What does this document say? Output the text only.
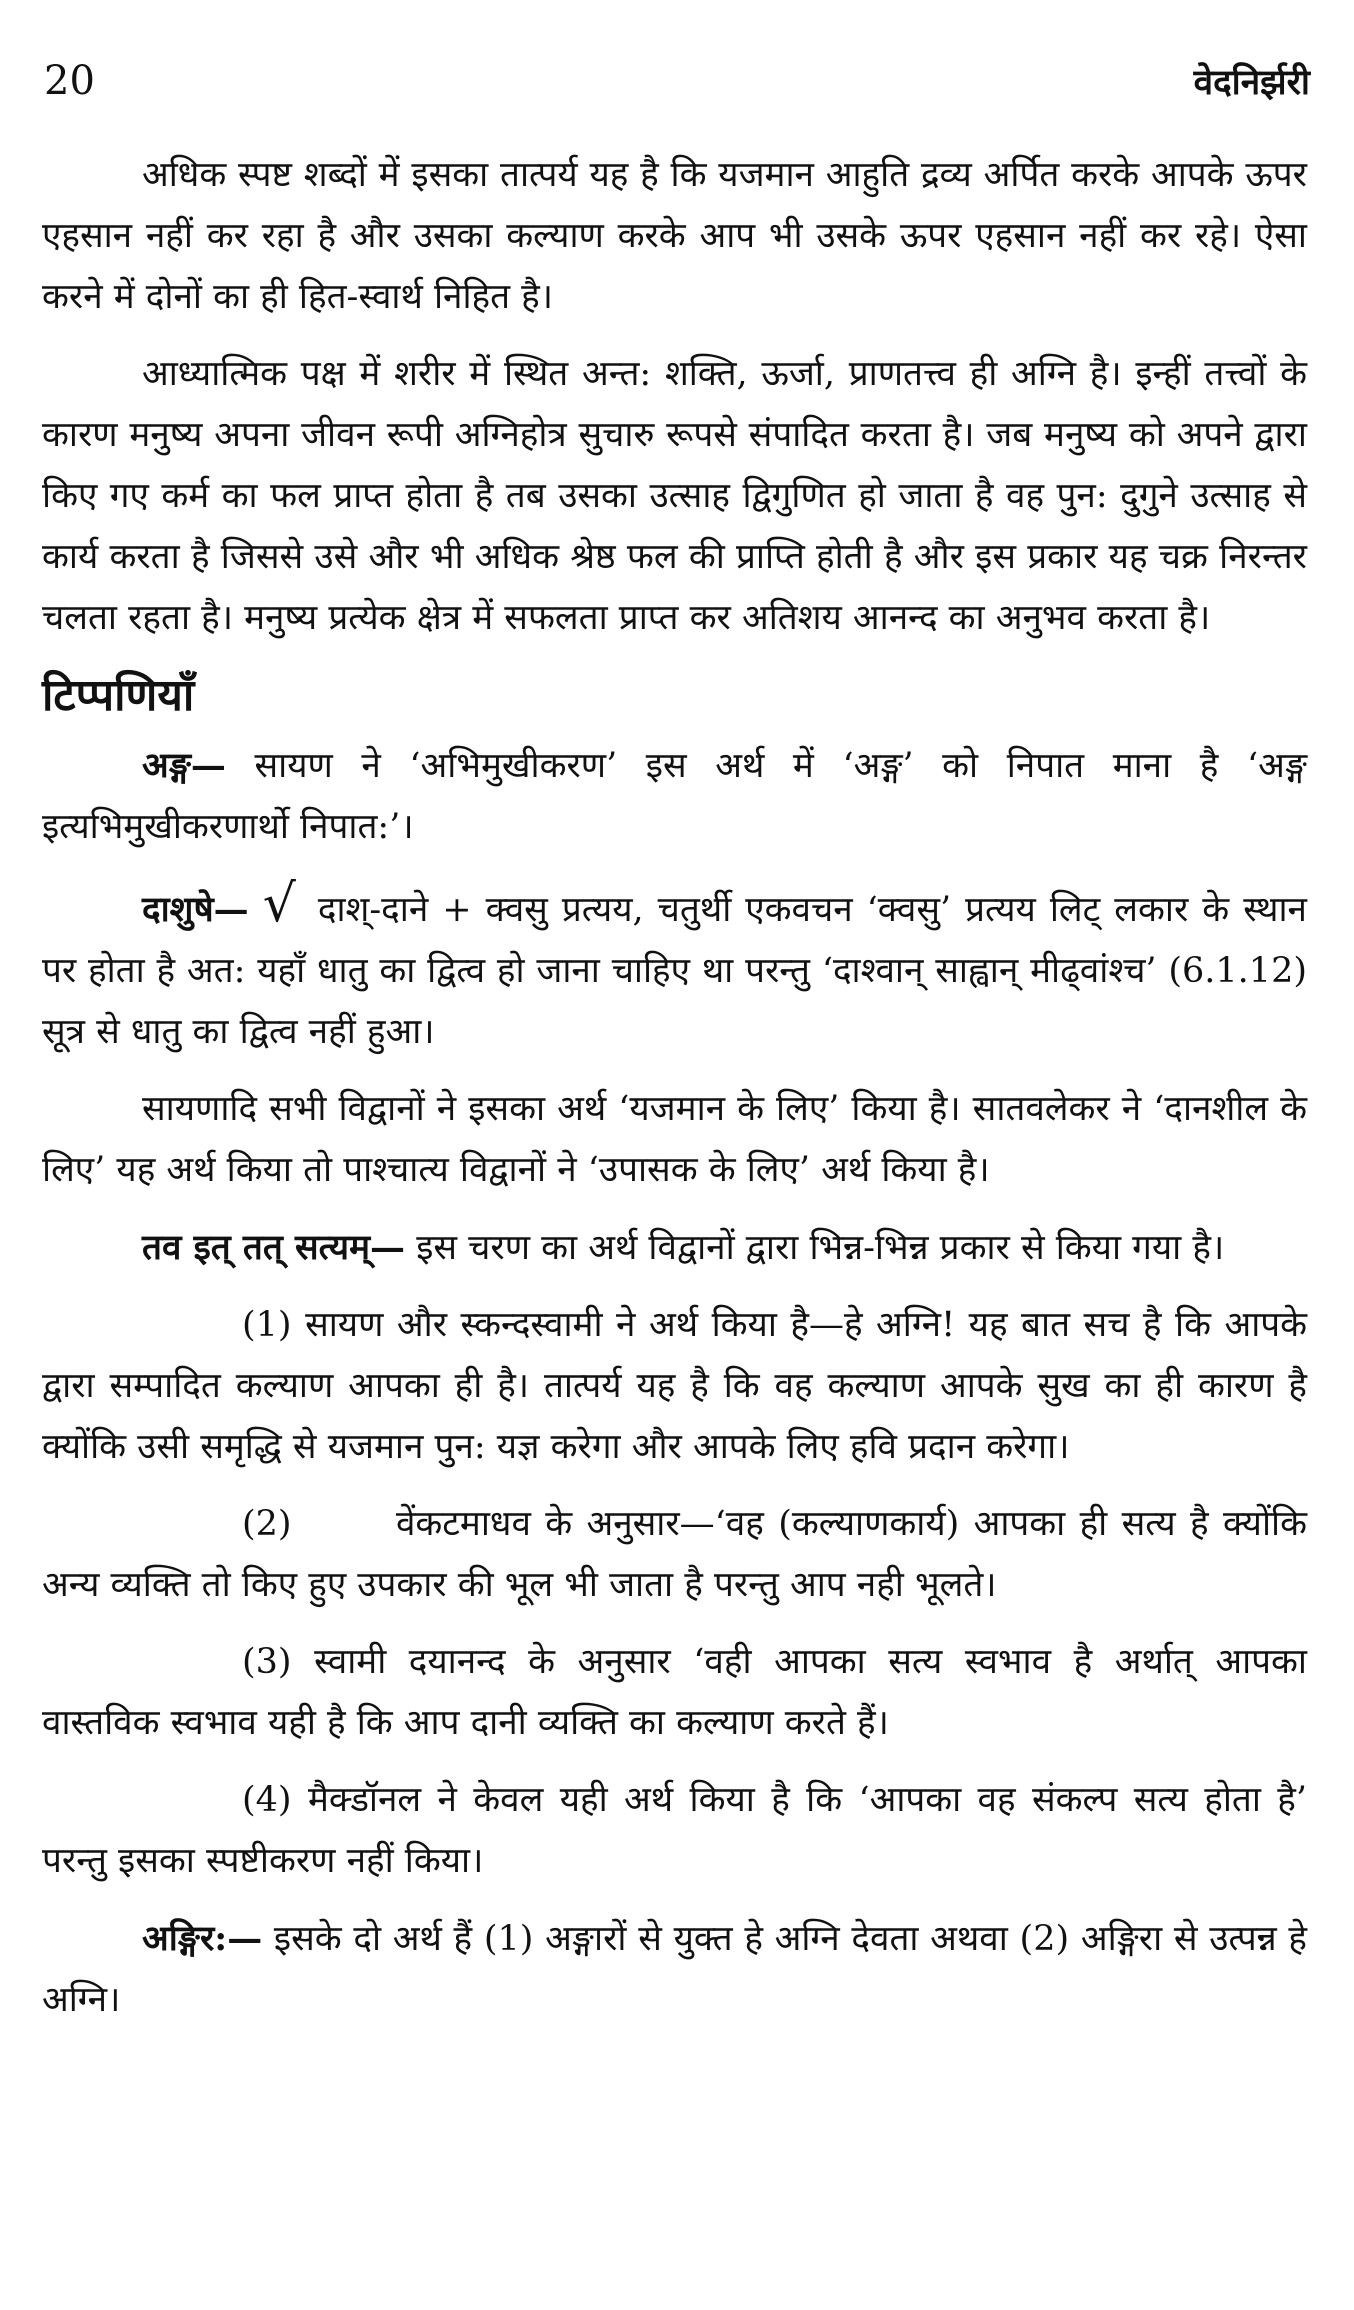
20	वेदनिर्झरी

अधिक स्पष्ट शब्दों में इसका तात्पर्य यह है कि यजमान आहुति द्रव्य अर्पित करके आपके ऊपर एहसान नहीं कर रहा है और उसका कल्याण करके आप भी उसके ऊपर एहसान नहीं कर रहे। ऐसा करने में दोनों का ही हित-स्वार्थ निहित है।

आध्यात्मिक पक्ष में शरीर में स्थित अन्त: शक्ति, ऊर्जा, प्राणतत्त्व ही अग्नि है। इन्हीं तत्त्वों के कारण मनुष्य अपना जीवन रूपी अग्निहोत्र सुचारु रूपसे संपादित करता है। जब मनुष्य को अपने द्वारा किए गए कर्म का फल प्राप्त होता है तब उसका उत्साह द्विगुणित हो जाता है वह पुन: दुगुने उत्साह से कार्य करता है जिससे उसे और भी अधिक श्रेष्ठ फल की प्राप्ति होती है और इस प्रकार यह चक्र निरन्तर चलता रहता है। मनुष्य प्रत्येक क्षेत्र में सफलता प्राप्त कर अतिशय आनन्द का अनुभव करता है।

टिप्पणियाँ

अङ्ग— सायण ने ‘अभिमुखीकरण’ इस अर्थ में ‘अङ्ग’ को निपात माना है ‘अङ्ग इत्यभिमुखीकरणार्थो निपात:’।

दाशुषे— √ दाश्-दाने + क्वसु प्रत्यय, चतुर्थी एकवचन ‘क्वसु’ प्रत्यय लिट् लकार के स्थान पर होता है अत: यहाँ धातु का द्वित्व हो जाना चाहिए था परन्तु ‘दाश्वान् साह्वान् मीढ्वांश्च’ (6.1.12) सूत्र से धातु का द्वित्व नहीं हुआ।

सायणादि सभी विद्वानों ने इसका अर्थ ‘यजमान के लिए’ किया है। सातवलेकर ने ‘दानशील के लिए’ यह अर्थ किया तो पाश्चात्य विद्वानों ने ‘उपासक के लिए’ अर्थ किया है।

तव इत् तत् सत्यम्— इस चरण का अर्थ विद्वानों द्वारा भिन्न-भिन्न प्रकार से किया गया है।

(1) सायण और स्कन्दस्वामी ने अर्थ किया है—हे अग्नि! यह बात सच है कि आपके द्वारा सम्पादित कल्याण आपका ही है। तात्पर्य यह है कि वह कल्याण आपके सुख का ही कारण है क्योंकि उसी समृद्धि से यजमान पुन: यज्ञ करेगा और आपके लिए हवि प्रदान करेगा।

(2)	वेंकटमाधव के अनुसार—‘वह (कल्याणकार्य) आपका ही सत्य है क्योंकि अन्य व्यक्ति तो किए हुए उपकार की भूल भी जाता है परन्तु आप नही भूलते।

(3) स्वामी दयानन्द के अनुसार ‘वही आपका सत्य स्वभाव है अर्थात् आपका वास्तविक स्वभाव यही है कि आप दानी व्यक्ति का कल्याण करते हैं।

(4) मैक्डॉनल ने केवल यही अर्थ किया है कि ‘आपका वह संकल्प सत्य होता है’ परन्तु इसका स्पष्टीकरण नहीं किया।

अङ्गिर:— इसके दो अर्थ हैं (1) अङ्गारों से युक्त हे अग्नि देवता अथवा (2) अङ्गिरा से उत्पन्न हे अग्नि।
